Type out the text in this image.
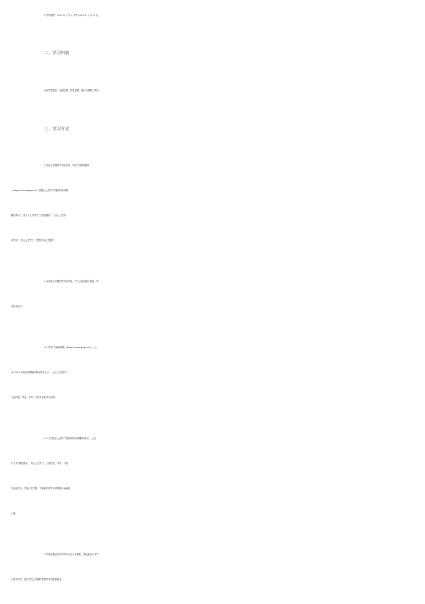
2.学习时间：2023 年 7 月 1 日至 2024 年 1 月 31 日。
二、学习内容
包括思想政治、法律法规、职业道德、诚信自律四大项目。
三、学习方式
1.参加专业课程学习的学员，登录“甘肃药师网
（https://www.gslpa.cn）”或微信公众号“甘肃省执业药师
继续教育”，进入个人学习平台“我的课程”，点击“公需科
目学习”，进入公需平台，免费学习公需课程；
2.未参加专业课程学习的学员，平台会收取相应费用。登
录方式如下：
2.1 登录“甘肃药师网（https://www.gslpa.cn）”，点
击“2023 年执业药师继续教育报名入口”，点击“公需科目”
完成注册、登录、学习、考试并获取学分证明；
2.2 关注微信公众号“甘肃省执业药师继续教育”，点击
右下方“继续教育”，进入公需平台，完成登录、学习、考试
并获取学分。学员信息注册、下载和打印学分证明须在电脑端
完成。
3.学员如果还未学习本年度的专业课程，建议先去专业平
台报名学习，然后享受公需课程免费学习的优惠政策。
